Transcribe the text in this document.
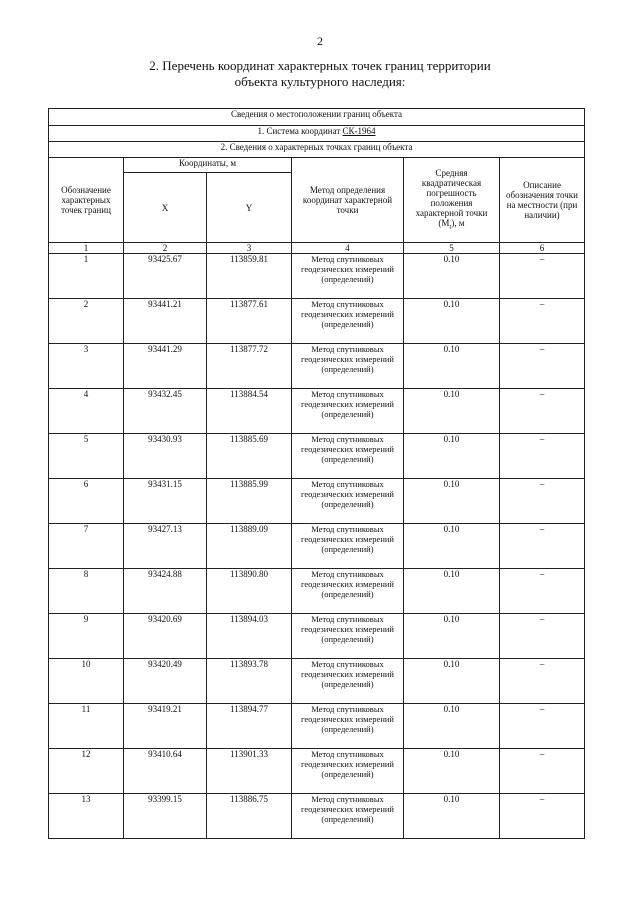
2
2. Перечень координат характерных точек границ территории
объекта культурного наследия:
Сведения о местоположении границ объекта					
1. Система координат СК-1964					
2. Сведения о характерных точках границ объекта					
Обозначение характерных точек границ	Координаты, м		Метод определения координат характерной точки	Средняя квадратическая погрешность положения характерной точки $(M_t)$, м	Описание обозначения точки на местности (при наличии)
	X	Y			
1	2	3	4	5	6
1	93425.67	113859.81	Метод спутниковых геодезических измерений (определений)	0.10	–
2	93441.21	113877.61	Метод спутниковых геодезических измерений (определений)	0.10	–
3	93441.29	113877.72	Метод спутниковых геодезических измерений (определений)	0.10	–
4	93432.45	113884.54	Метод спутниковых геодезических измерений (определений)	0.10	–
5	93430.93	113885.69	Метод спутниковых геодезических измерений (определений)	0.10	–
6	93431.15	113885.99	Метод спутниковых геодезических измерений (определений)	0.10	–
7	93427.13	113889.09	Метод спутниковых геодезических измерений (определений)	0.10	–
8	93424.88	113890.80	Метод спутниковых геодезических измерений (определений)	0.10	–
9	93420.69	113894.03	Метод спутниковых геодезических измерений (определений)	0.10	–
10	93420.49	113893.78	Метод спутниковых геодезических измерений (определений)	0.10	–
11	93419.21	113894.77	Метод спутниковых геодезических измерений (определений)	0.10	–
12	93410.64	113901.33	Метод спутниковых геодезических измерений (определений)	0.10	–
13	93399.15	113886.75	Метод спутниковых геодезических измерений (определений)	0.10	–
